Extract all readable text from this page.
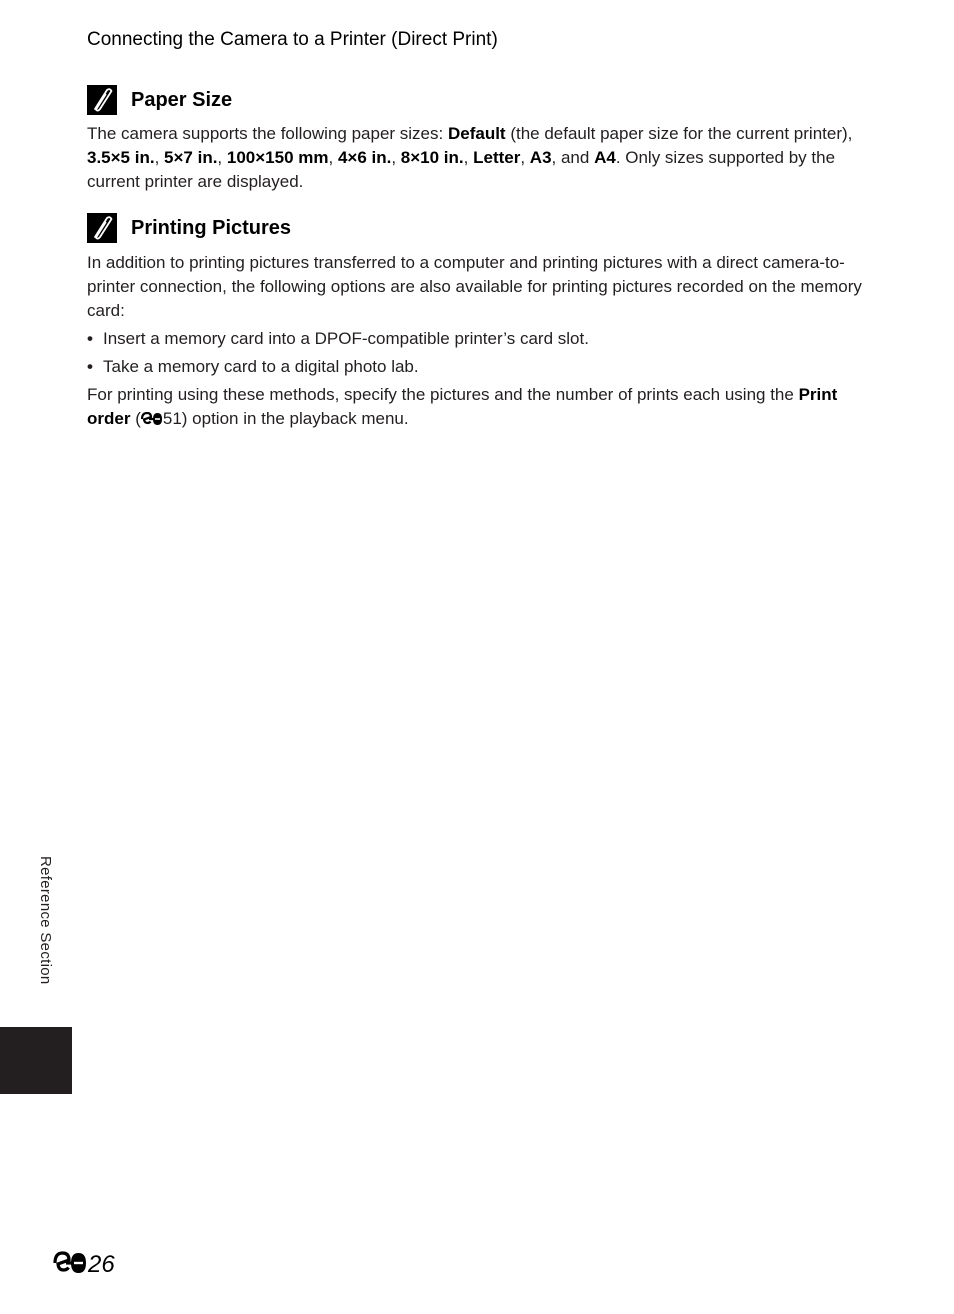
Connecting the Camera to a Printer (Direct Print)
Paper Size

The camera supports the following paper sizes: Default (the default paper size for the current printer), 3.5×5 in., 5×7 in., 100×150 mm, 4×6 in., 8×10 in., Letter, A3, and A4. Only sizes supported by the current printer are displayed.

Printing Pictures

In addition to printing pictures transferred to a computer and printing pictures with a direct camera-to-printer connection, the following options are also available for printing pictures recorded on the memory card:

• Insert a memory card into a DPOF-compatible printer’s card slot.

• Take a memory card to a digital photo lab.

For printing using these methods, specify the pictures and the number of prints each using the Print order ( 51) option in the playback menu.

Reference Section
26
